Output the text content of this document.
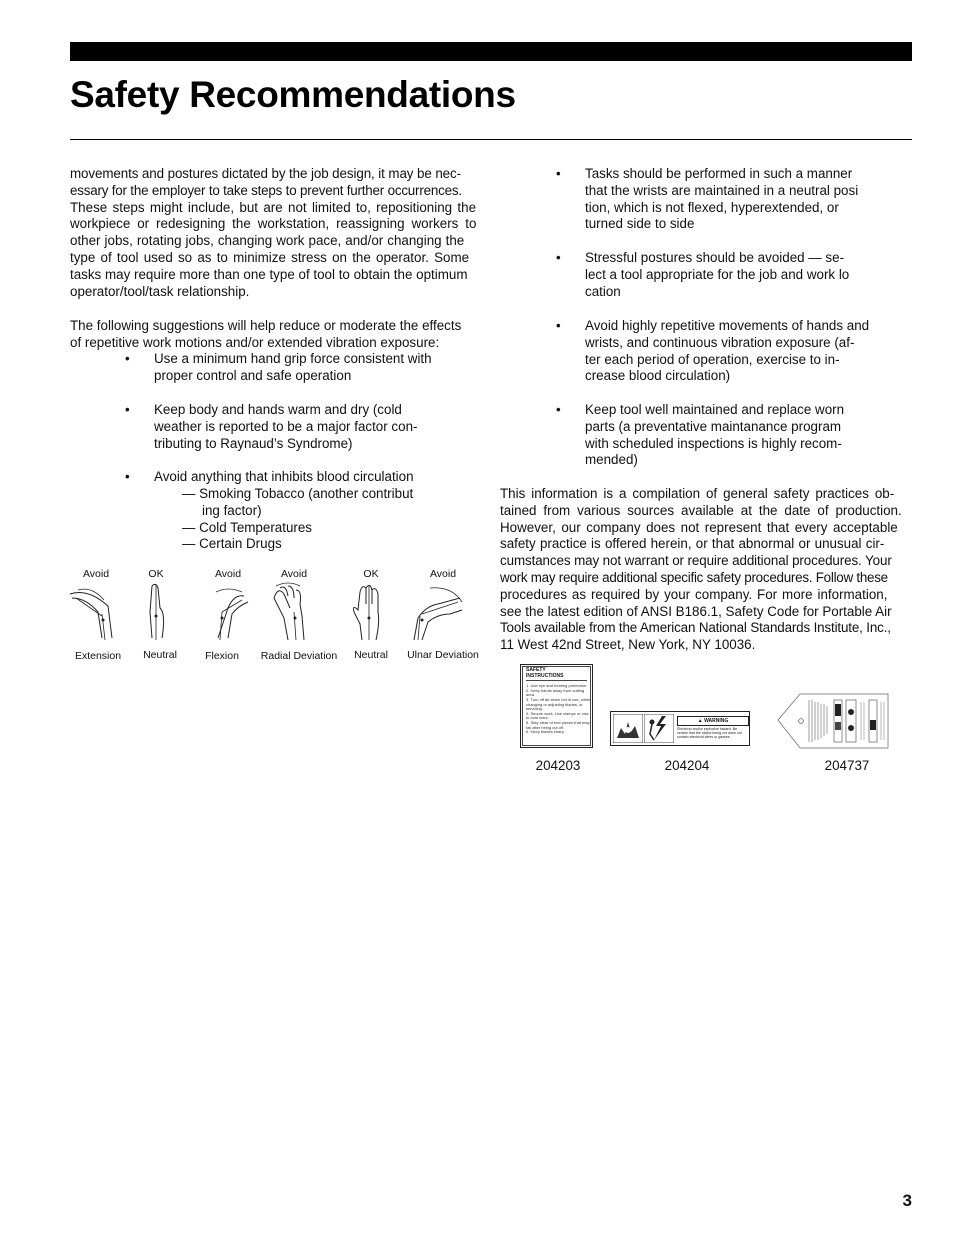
Safety Recommendations
movements and postures dictated by the job design, it may be nec-
essary for the employer to take steps to prevent further occurrences.
These steps might include, but are not limited to, repositioning the
workpiece or redesigning the workstation, reassigning workers to
other jobs, rotating jobs, changing work pace, and/or changing the
type of tool used so as to minimize stress on the operator. Some
tasks may require more than one type of tool to obtain the optimum
operator/tool/task relationship.
The following suggestions will help reduce or moderate the effects
of repetitive work motions and/or extended vibration exposure:
• Use a minimum hand grip force consistent with
proper control and safe operation
• Keep body and hands warm and dry (cold
weather is reported to be a major factor con-
tributing to Raynaud’s Syndrome)
• Avoid anything that inhibits blood circulation
— Smoking Tobacco (another contribut
ing factor)
— Cold Temperatures
— Certain Drugs
Avoid	OK	Avoid	Avoid	OK	Avoid
Extension Neutral	Flexion Radial Deviation Neutral Ulnar Deviation
• Tasks should be performed in such a manner
that the wrists are maintained in a neutral posi
tion, which is not flexed, hyperextended, or
turned side to side
• Stressful postures should be avoided — se-
lect a tool appropriate for the job and work lo
cation
• Avoid highly repetitive movements of hands and
wrists, and continuous vibration exposure (af-
ter each period of operation, exercise to in-
crease blood circulation)
• Keep tool well maintained and replace worn
parts (a preventative maintanance program
with scheduled inspections is highly recom-
mended)
This information is a compilation of general safety practices ob-
tained from various sources available at the date of production.
However, our company does not represent that every acceptable
safety practice is offered herein, or that abnormal or unusual cir-
cumstances may not warrant or require additional procedures. Your
work may require additional specific safety procedures. Follow these
procedures as required by your company. For more information,
see the latest edition of ANSI B186.1, Safety Code for Portable Air
Tools available from the American National Standards Institute, Inc.,
11 West 42nd Street, New York, NY 10036.
SAFETY
INSTRUCTIONS
1. Use eye and hearing protection.
2. Keep hands away from cutting
area.
3. Turn off air when not in use, when
changing or adjusting blades, or
servicing.
4. Secure work. Use clamps or vise
to hold work.
5. Stay clear of end pieces that may
fall after being cut off.
6. Keep blades sharp.
▲ WARNING
Electrical and/or explosive hazard. Be
certain that the object being cut does not
contain electrical wires or gasses.
204203	204204	204737
3
